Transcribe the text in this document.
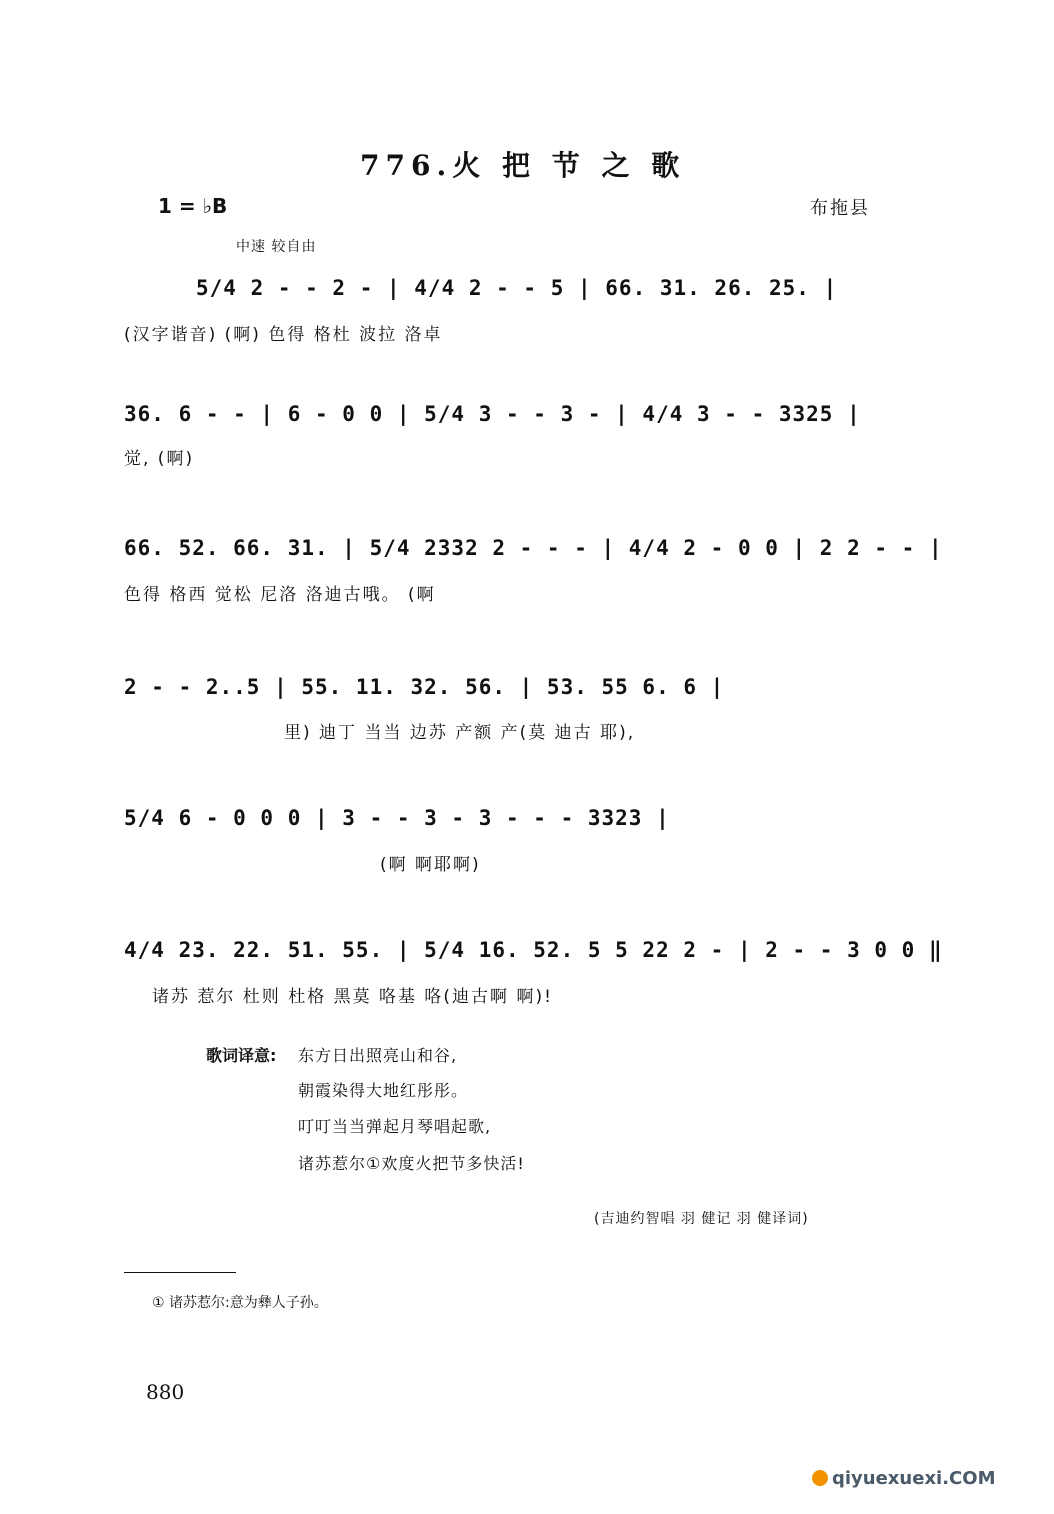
776.火 把 节 之 歌
1 = ♭B	布拖县
中速 较自由
5/4 2 - - 2 - | 4/4 2 - - 5 | 66. 31. 26. 25. |
(汉字谐音) (啊) 色得 格杜 波拉 洛卓
36. 6 - - | 6 - 0 0 | 5/4 3 - - 3 - | 4/4 3 - - 3325 |
觉, (啊)
66. 52. 66. 31. | 5/4 2332 2 - - - | 4/4 2 - 0 0 | 2 2 - - |
色得 格西 觉松 尼洛 洛迪古哦。 (啊
2 - - 2..5 | 55. 11. 32. 56. | 53. 55 6. 6 |
里) 迪丁 当当 边苏 产额 产(莫 迪古 耶),
5/4 6 - 0 0 0 | 3 - - 3 - 3 - - - 3323 |
(啊 啊耶啊)
4/4 23. 22. 51. 55. | 5/4 16. 52. 5 5 22 2 - | 2 - - 3 0 0 ‖
诸苏 惹尔 杜则 杜格 黑莫 咯基 咯(迪古啊 啊)!
歌词译意: 东方日出照亮山和谷,
朝霞染得大地红彤彤。
叮叮当当弹起月琴唱起歌,
诸苏惹尔①欢度火把节多快活!
(吉迪约智唱 羽 健记 羽 健译词)
① 诸苏惹尔:意为彝人子孙。
880
qiyuexuexi.COM
